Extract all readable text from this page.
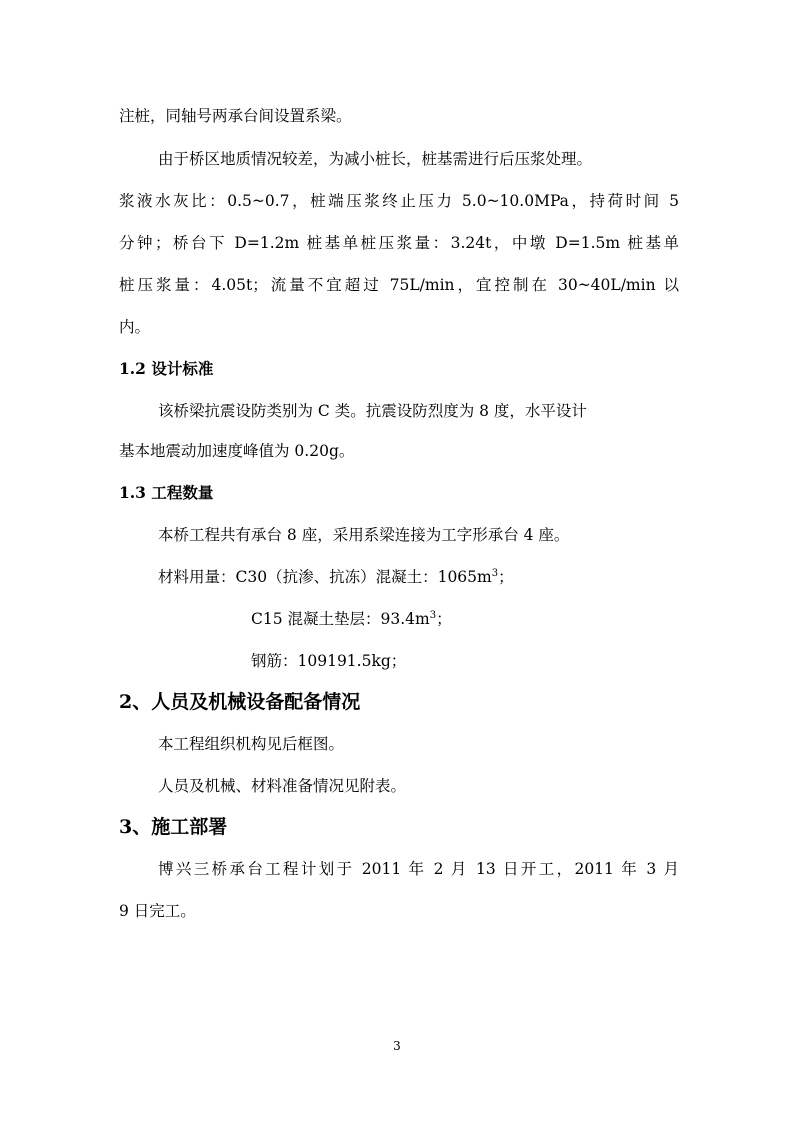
注桩，同轴号两承台间设置系梁。
由于桥区地质情况较差，为减小桩长，桩基需进行后压浆处理。
浆液水灰比：0.5~0.7，桩端压浆终止压力 5.0~10.0MPa，持荷时间 5
分钟；桥台下 D=1.2m 桩基单桩压浆量：3.24t，中墩 D=1.5m 桩基单
桩压浆量：4.05t；流量不宜超过 75L/min，宜控制在 30~40L/min 以
内。
1.2 设计标准
该桥梁抗震设防类别为 C 类。抗震设防烈度为 8 度，水平设计
基本地震动加速度峰值为 0.20g。
1.3 工程数量
本桥工程共有承台 8 座，采用系梁连接为工字形承台 4 座。
材料用量：C30（抗渗、抗冻）混凝土：$1065m^3$；
C15 混凝土垫层：$93.4m^3$；
钢筋：109191.5kg；
2、人员及机械设备配备情况
本工程组织机构见后框图。
人员及机械、材料准备情况见附表。
3、施工部署
博兴三桥承台工程计划于 2011 年 2 月 13 日开工，2011 年 3 月
9 日完工。
3
